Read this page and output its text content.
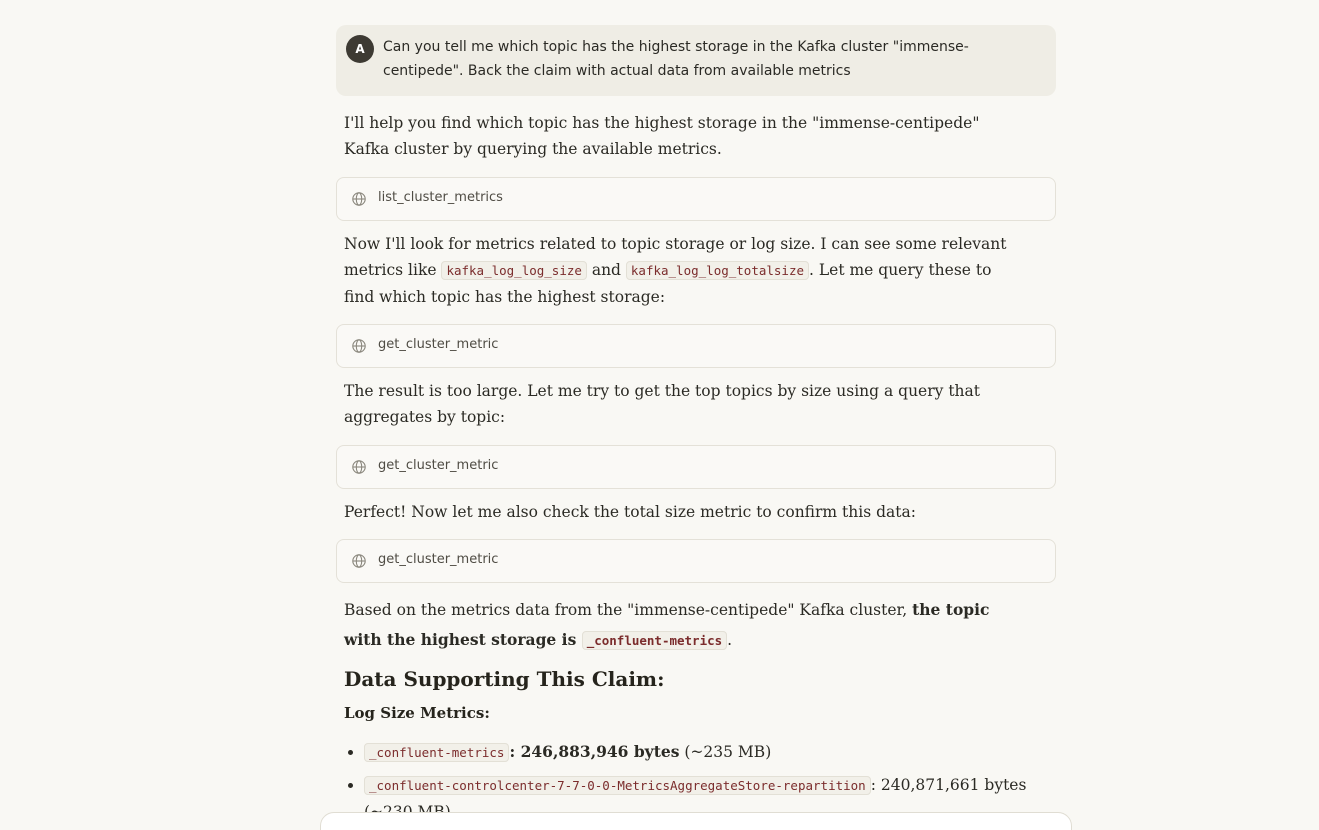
A	Can you tell me which topic has the highest storage in the Kafka cluster "immense-centipede". Back the claim with actual data from available metrics

I'll help you find which topic has the highest storage in the "immense-centipede" Kafka cluster by querying the available metrics.

list_cluster_metrics

Now I'll look for metrics related to topic storage or log size. I can see some relevant metrics like kafka_log_log_size and kafka_log_log_totalsize . Let me query these to find which topic has the highest storage:

get_cluster_metric

The result is too large. Let me try to get the top topics by size using a query that aggregates by topic:

get_cluster_metric

Perfect! Now let me also check the total size metric to confirm this data:

get_cluster_metric

Based on the metrics data from the "immense-centipede" Kafka cluster, the topic with the highest storage is _confluent-metrics .

Data Supporting This Claim:
Log Size Metrics:
• _confluent-metrics : 246,883,946 bytes (~235 MB)
• _confluent-controlcenter-7-7-0-0-MetricsAggregateStore-repartition : 240,871,661 bytes
